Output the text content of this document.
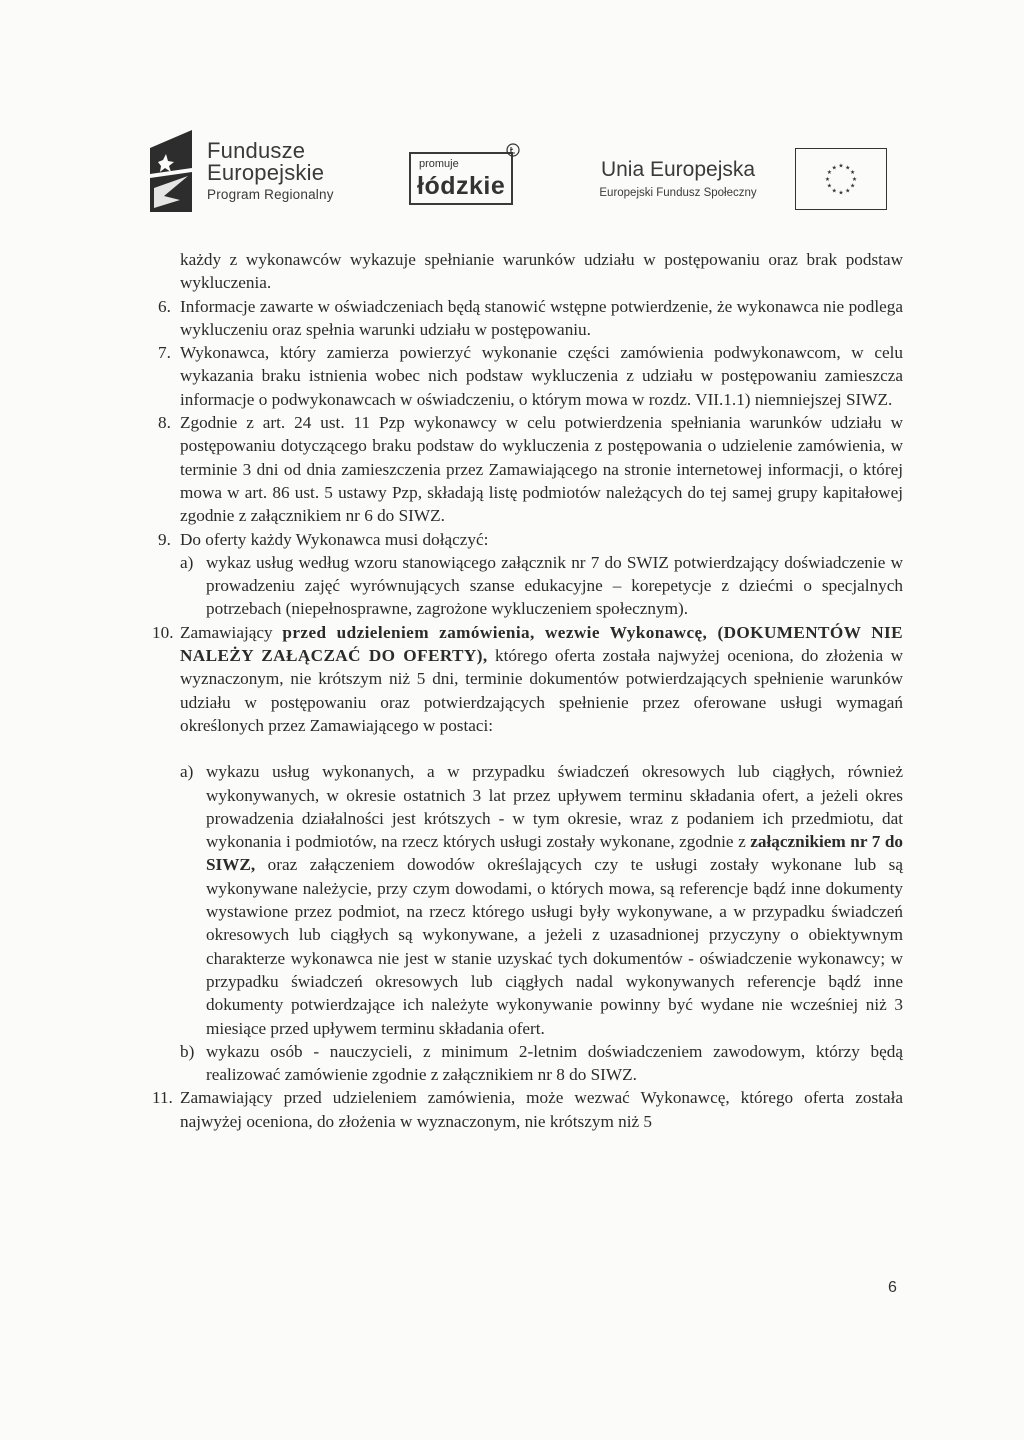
Fundusze
Europejskie
Program Regionalny
promuje
łódzkie
Unia Europejska
Europejski Fundusz Społeczny
★ ★
★
★
★
★
★
★
★
★
★
★
każdy z wykonawców wykazuje spełnianie warunków udziału w postępowaniu oraz brak podstaw wykluczenia.
6. Informacje zawarte w oświadczeniach będą stanowić wstępne potwierdzenie, że wykonawca nie podlega wykluczeniu oraz spełnia warunki udziału w postępowaniu.
7. Wykonawca, który zamierza powierzyć wykonanie części zamówienia podwykonawcom, w celu wykazania braku istnienia wobec nich podstaw wykluczenia z udziału w postępowaniu zamieszcza informacje o podwykonawcach w oświadczeniu, o którym mowa w rozdz. VII.1.1) niemniejszej SIWZ.
8. Zgodnie z art. 24 ust. 11 Pzp wykonawcy w celu potwierdzenia spełniania warunków udziału w postępowaniu dotyczącego braku podstaw do wykluczenia z postępowania o udzielenie zamówienia, w terminie 3 dni od dnia zamieszczenia przez Zamawiającego na stronie internetowej informacji, o której mowa w art. 86 ust. 5 ustawy Pzp, składają listę podmiotów należących do tej samej grupy kapitałowej zgodnie z załącznikiem nr 6 do SIWZ.
9. Do oferty każdy Wykonawca musi dołączyć:
a) wykaz usług według wzoru stanowiącego załącznik nr 7 do SWIZ potwierdzający doświadczenie w prowadzeniu zajęć wyrównujących szanse edukacyjne – korepetycje z dziećmi o specjalnych potrzebach (niepełnosprawne, zagrożone wykluczeniem społecznym).
10. Zamawiający przed udzieleniem zamówienia, wezwie Wykonawcę, (DOKUMENTÓW NIE NALEŻY ZAŁĄCZAĆ DO OFERTY), którego oferta została najwyżej oceniona, do złożenia w wyznaczonym, nie krótszym niż 5 dni, terminie dokumentów potwierdzających spełnienie warunków udziału w postępowaniu oraz potwierdzających spełnienie przez oferowane usługi wymagań określonych przez Zamawiającego w postaci:
a) wykazu usług wykonanych, a w przypadku świadczeń okresowych lub ciągłych, również wykonywanych, w okresie ostatnich 3 lat przez upływem terminu składania ofert, a jeżeli okres prowadzenia działalności jest krótszych - w tym okresie, wraz z podaniem ich przedmiotu, dat wykonania i podmiotów, na rzecz których usługi zostały wykonane, zgodnie z załącznikiem nr 7 do SIWZ, oraz załączeniem dowodów określających czy te usługi zostały wykonane lub są wykonywane należycie, przy czym dowodami, o których mowa, są referencje bądź inne dokumenty wystawione przez podmiot, na rzecz którego usługi były wykonywane, a w przypadku świadczeń okresowych lub ciągłych są wykonywane, a jeżeli z uzasadnionej przyczyny o obiektywnym charakterze wykonawca nie jest w stanie uzyskać tych dokumentów - oświadczenie wykonawcy; w przypadku świadczeń okresowych lub ciągłych nadal wykonywanych referencje bądź inne dokumenty potwierdzające ich należyte wykonywanie powinny być wydane nie wcześniej niż 3 miesiące przed upływem terminu składania ofert.
b) wykazu osób - nauczycieli, z minimum 2-letnim doświadczeniem zawodowym, którzy będą realizować zamówienie zgodnie z załącznikiem nr 8 do SIWZ.
11. Zamawiający przed udzieleniem zamówienia, może wezwać Wykonawcę, którego oferta została najwyżej oceniona, do złożenia w wyznaczonym, nie krótszym niż 5
6
